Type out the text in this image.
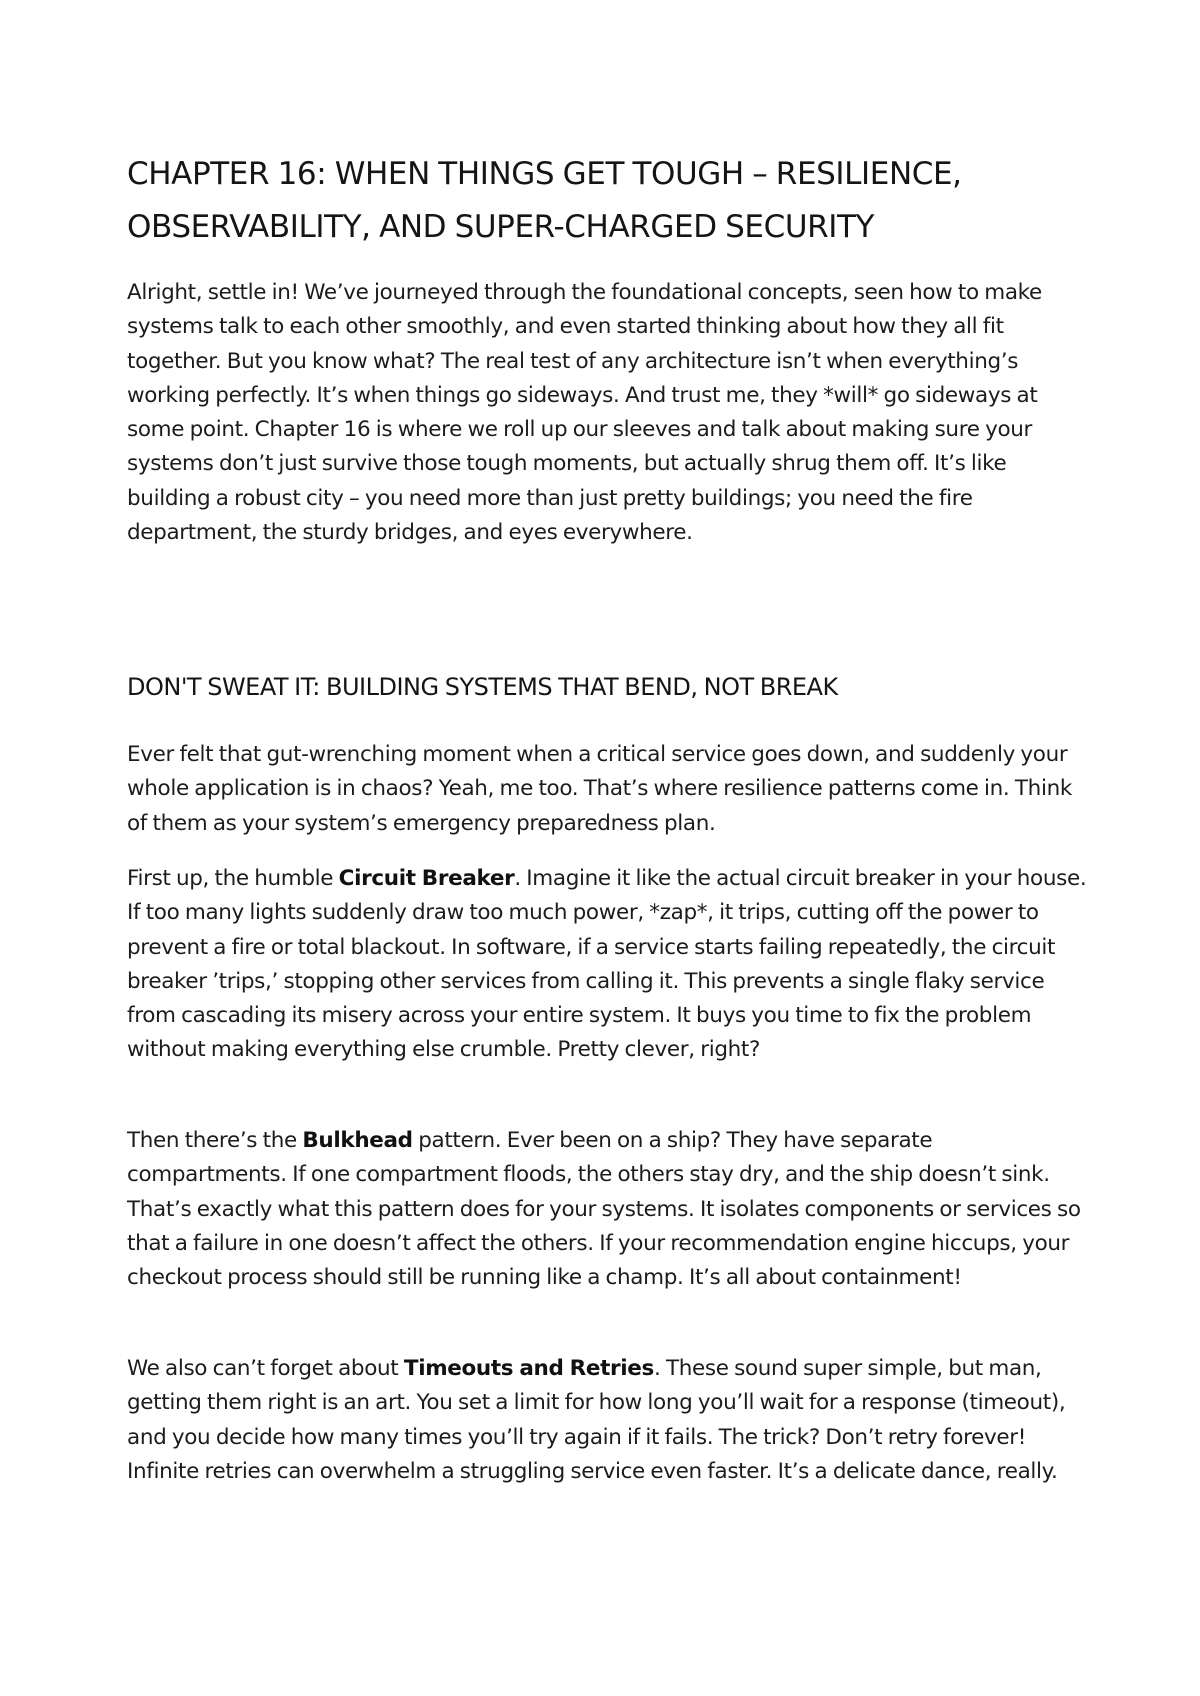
CHAPTER 16: WHEN THINGS GET TOUGH – RESILIENCE, OBSERVABILITY, AND SUPER-CHARGED SECURITY

Alright, settle in! We’ve journeyed through the foundational concepts, seen how to make systems talk to each other smoothly, and even started thinking about how they all fit together. But you know what? The real test of any architecture isn’t when everything’s working perfectly. It’s when things go sideways. And trust me, they *will* go sideways at some point. Chapter 16 is where we roll up our sleeves and talk about making sure your systems don’t just survive those tough moments, but actually shrug them off. It’s like building a robust city – you need more than just pretty buildings; you need the fire department, the sturdy bridges, and eyes everywhere.

DON'T SWEAT IT: BUILDING SYSTEMS THAT BEND, NOT BREAK

Ever felt that gut-wrenching moment when a critical service goes down, and suddenly your whole application is in chaos? Yeah, me too. That’s where resilience patterns come in. Think of them as your system’s emergency preparedness plan.

First up, the humble Circuit Breaker. Imagine it like the actual circuit breaker in your house. If too many lights suddenly draw too much power, *zap*, it trips, cutting off the power to prevent a fire or total blackout. In software, if a service starts failing repeatedly, the circuit breaker ’trips,’ stopping other services from calling it. This prevents a single flaky service from cascading its misery across your entire system. It buys you time to fix the problem without making everything else crumble. Pretty clever, right?

Then there’s the Bulkhead pattern. Ever been on a ship? They have separate compartments. If one compartment floods, the others stay dry, and the ship doesn’t sink. That’s exactly what this pattern does for your systems. It isolates components or services so that a failure in one doesn’t affect the others. If your recommendation engine hiccups, your checkout process should still be running like a champ. It’s all about containment!

We also can’t forget about Timeouts and Retries. These sound super simple, but man, getting them right is an art. You set a limit for how long you’ll wait for a response (timeout), and you decide how many times you’ll try again if it fails. The trick? Don’t retry forever! Infinite retries can overwhelm a struggling service even faster. It’s a delicate dance, really.
